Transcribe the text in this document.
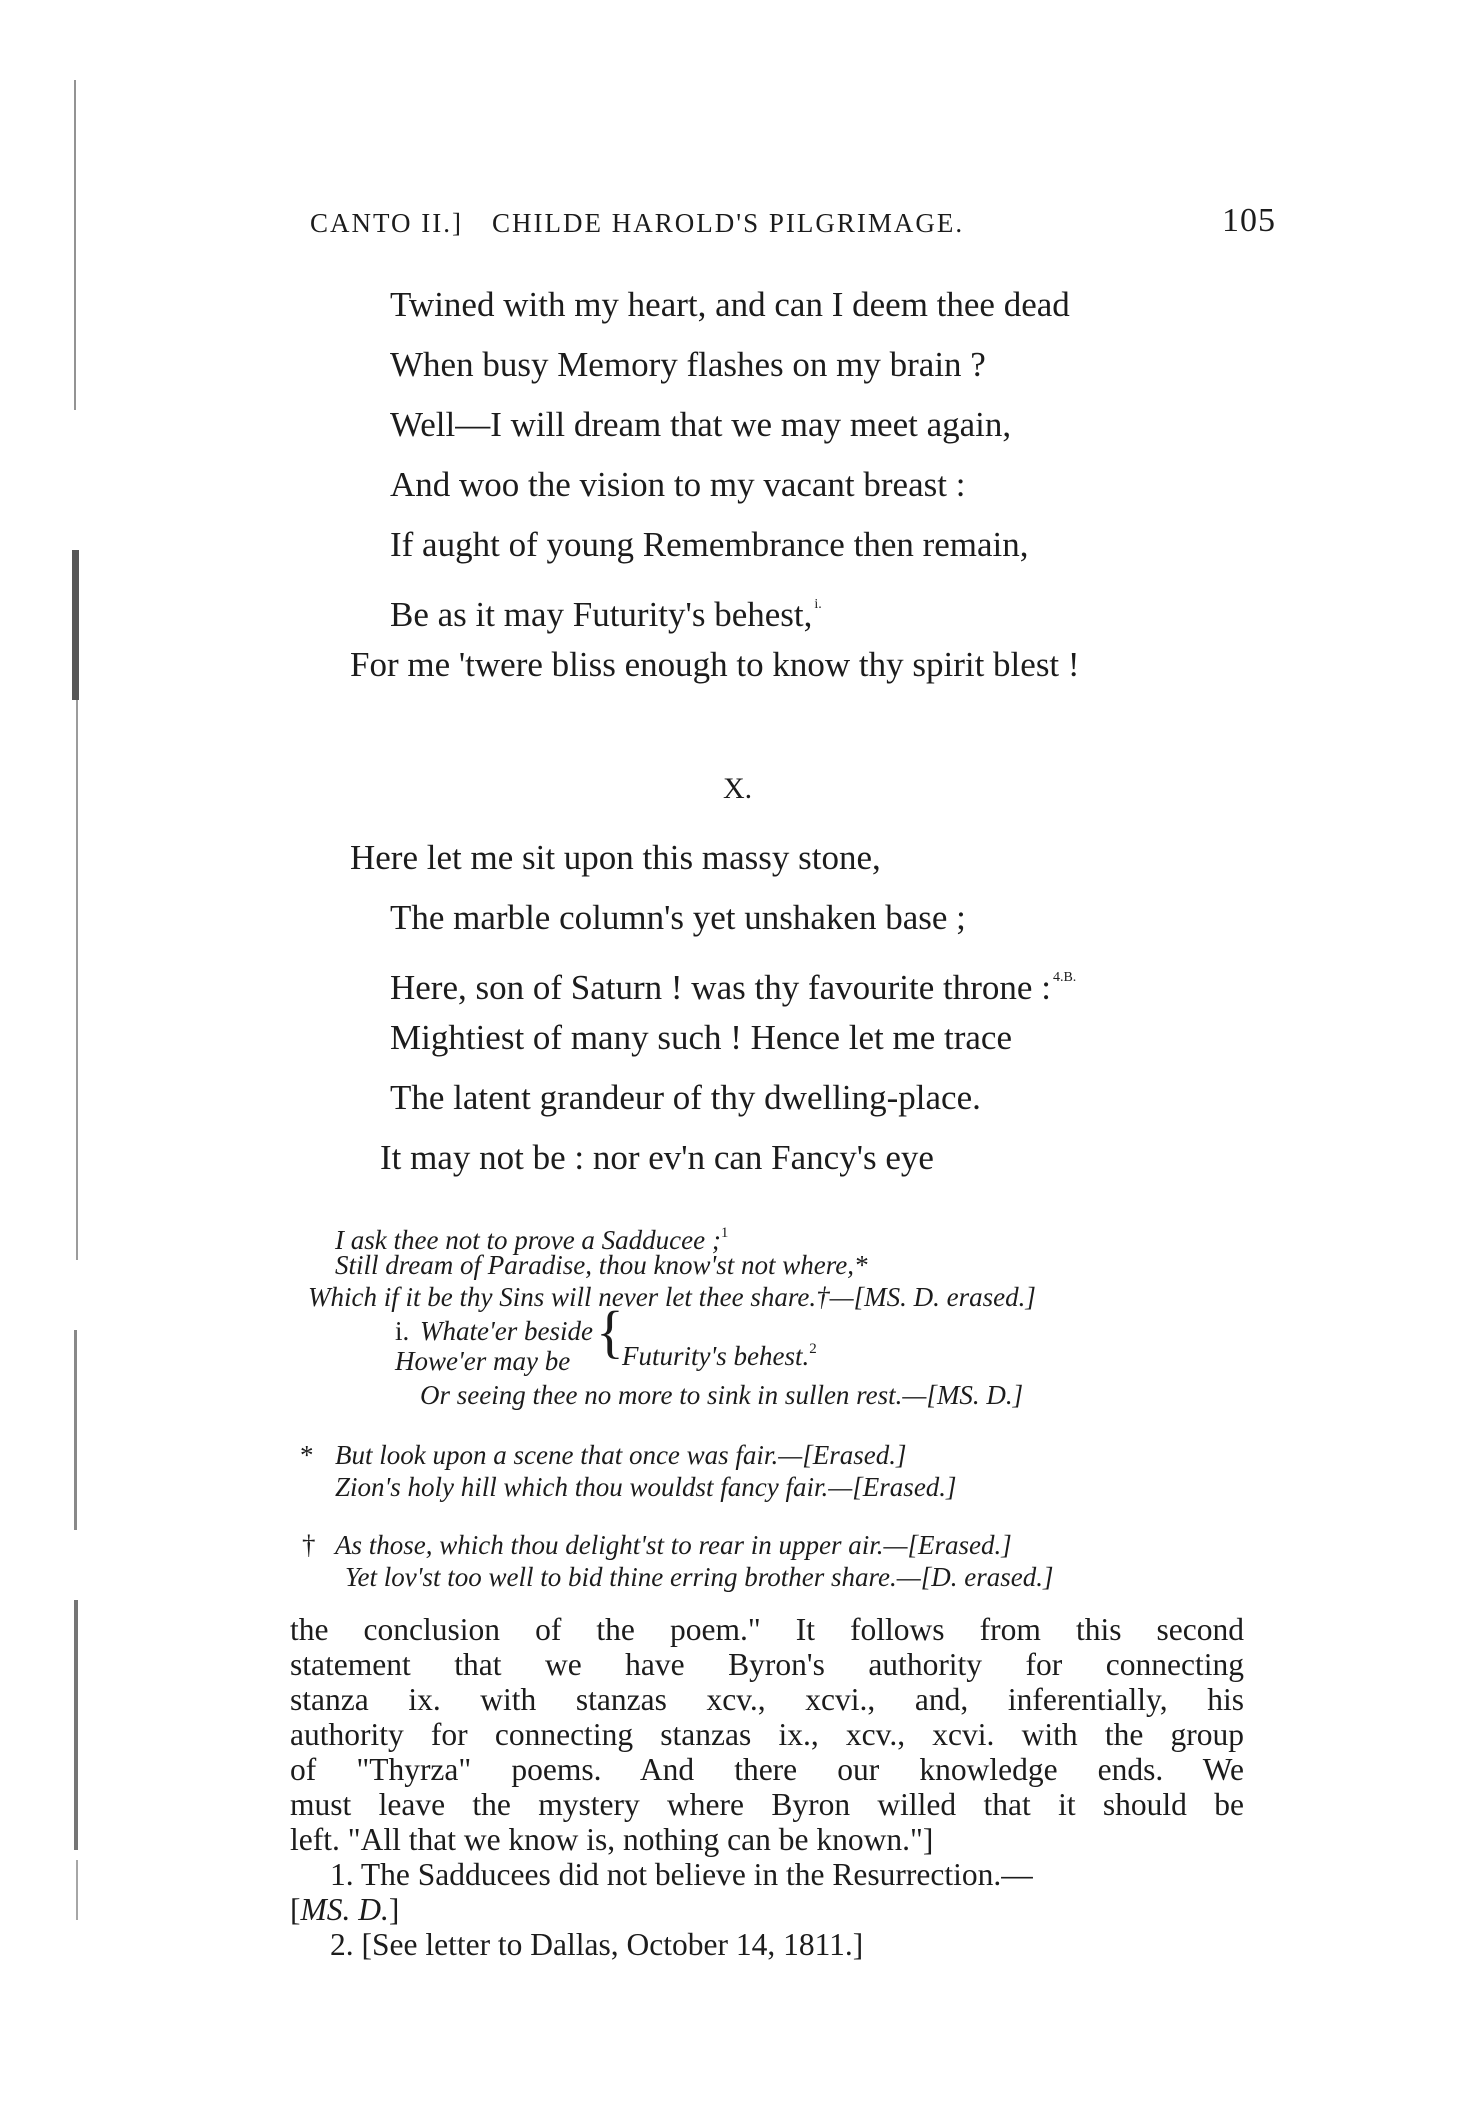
CANTO II.] CHILDE HAROLD'S PILGRIMAGE.	105
Twined with my heart, and can I deem thee dead
When busy Memory flashes on my brain ?
Well—I will dream that we may meet again,
And woo the vision to my vacant breast :
If aught of young Remembrance then remain,
Be as it may Futurity's behest, $^{i.}$
For me 'twere bliss enough to know thy spirit blest !
X.
Here let me sit upon this massy stone,
The marble column's yet unshaken base ;
Here, son of Saturn ! was thy favourite throne : $^{4.B.}$
Mightiest of many such ! Hence let me trace
The latent grandeur of thy dwelling-place.
It may not be : nor ev'n can Fancy's eye
I ask thee not to prove a Sadducee ;$^1$
Still dream of Paradise, thou know'st not where,*
Which if it be thy Sins will never let thee share.†—[MS. D. erased.]
i. Whate'er beside
Howe'er may be {
Futurity's behest.$^2$
Or seeing thee no more to sink in sullen rest.—[MS. D.]
* But look upon a scene that once was fair.—[Erased.]
Zion's holy hill which thou wouldst fancy fair.—[Erased.]
† As those, which thou delight'st to rear in upper air.—[Erased.]
Yet lov'st too well to bid thine erring brother share.—[D. erased.]
the conclusion of the poem." It follows from this second
statement that we have Byron's authority for connecting
stanza ix. with stanzas xcv., xcvi., and, inferentially, his
authority for connecting stanzas ix., xcv., xcvi. with the group
of "Thyrza" poems. And there our knowledge ends. We
must leave the mystery where Byron willed that it should be
left. "All that we know is, nothing can be known."]
1. The Sadducees did not believe in the Resurrection.—
[MS. D.]
2. [See letter to Dallas, October 14, 1811.]
